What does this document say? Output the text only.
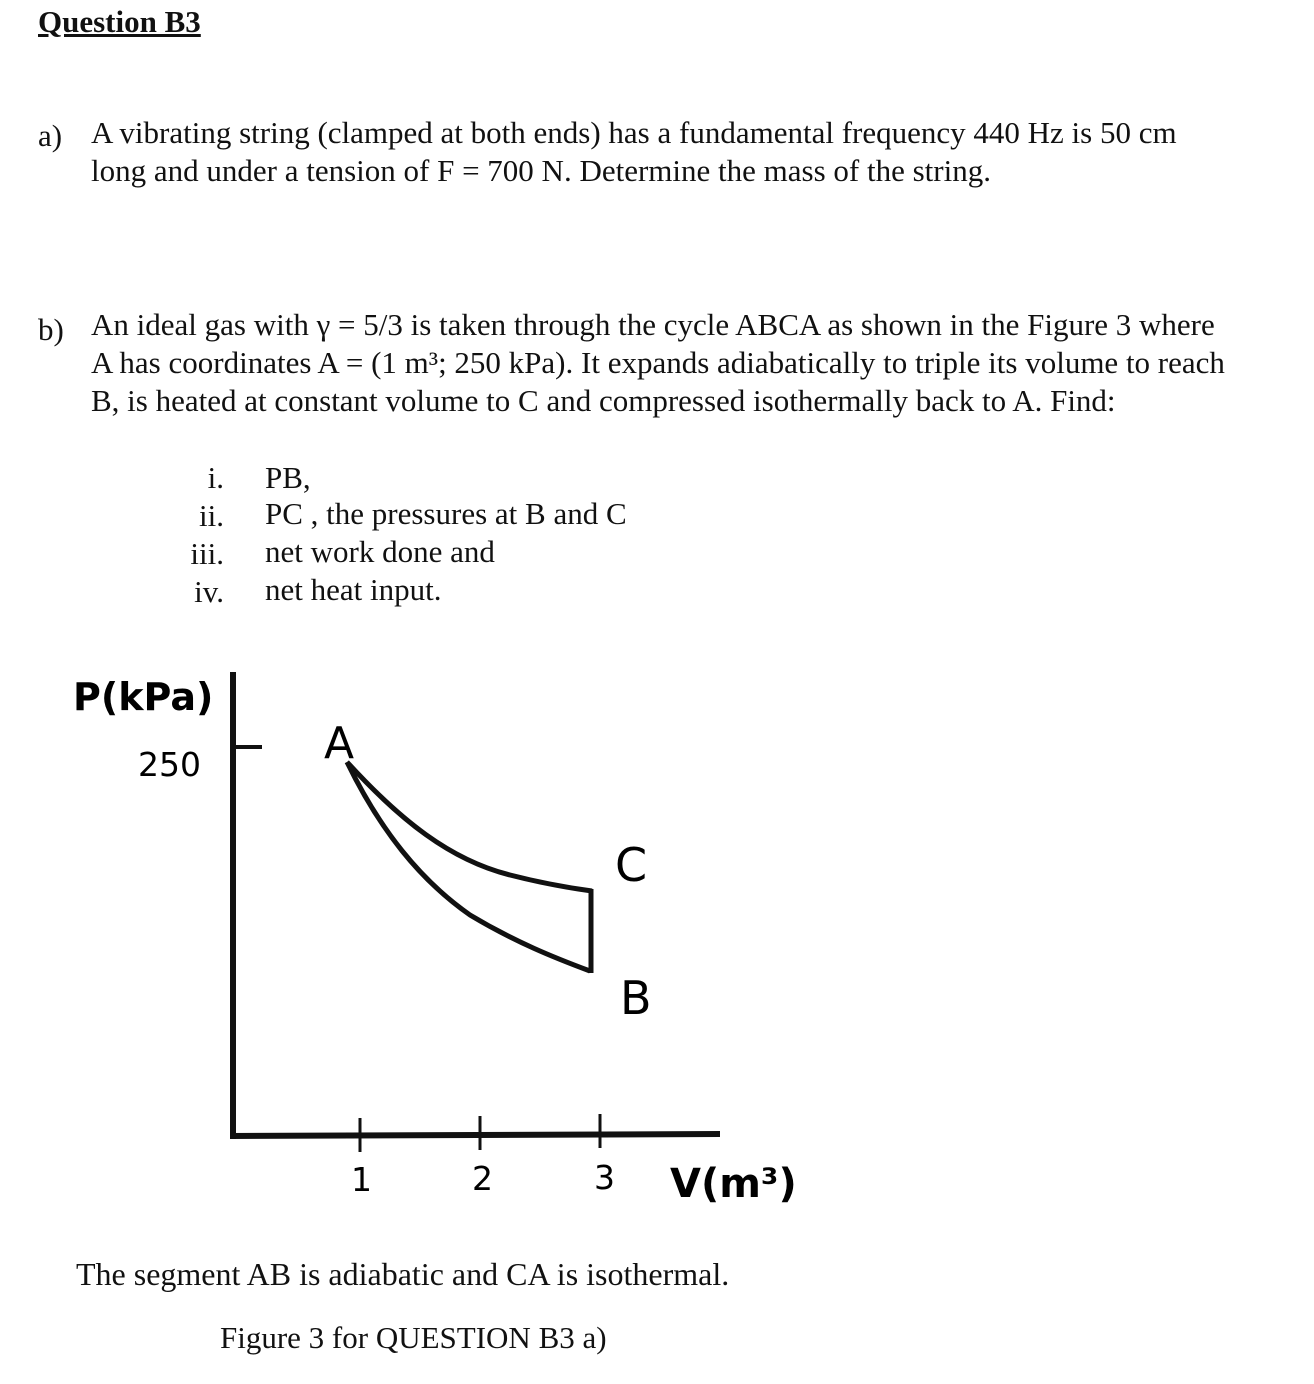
Question B3
a) A vibrating string (clamped at both ends) has a fundamental frequency 440 Hz is 50 cm
long and under a tension of F = 700 N. Determine the mass of the string.
b) An ideal gas with γ = 5/3 is taken through the cycle ABCA as shown in the Figure 3 where
A has coordinates A = (1 m³; 250 kPa). It expands adiabatically to triple its volume to reach
B, is heated at constant volume to C and compressed isothermally back to A. Find:
i. PB,
ii. PC , the pressures at B and C
iii. net work done and
iv. net heat input.
P(kPa)
250	A
C
B
1	2	3 V(m³)
The segment AB is adiabatic and CA is isothermal.
Figure 3 for QUESTION B3 a)
